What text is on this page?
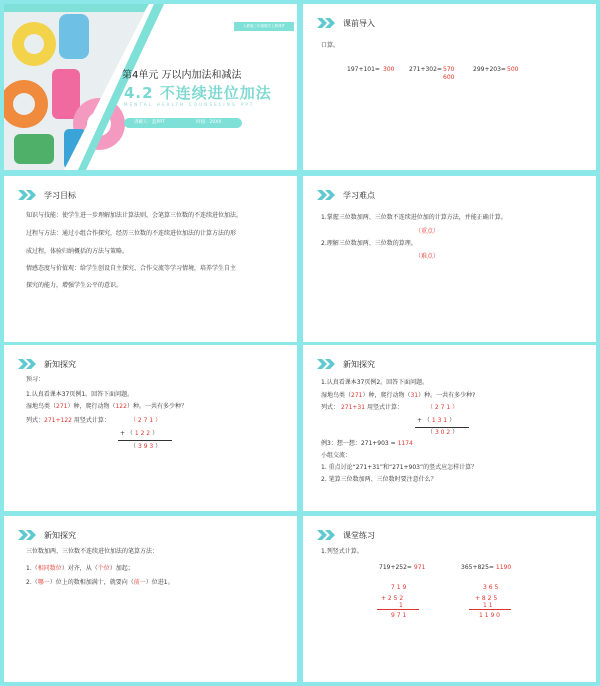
人教版三年级数学上册课件
第4单元 万以内加法和减法
4.2 不连续进位加法
MENTAL HEALTH COUNSELING PPT
讲解人：蓝PPT	时间：20XX
课前导入
口算。
197+101= 300 271+302= 570
600
299+203= 500
学习目标
知识与技能：使学生进一步理解加法计算法则，会笔算三位数的不连续进位加法。
过程与方法：通过小组合作探究，经历三位数的不连续进位加法的计算方法的形
成过程，体验归纳概括的方法与策略。
情感态度与价值观：给学生创设自主探究、合作交流等学习情境，培养学生自主
探究的能力，增强学生公平的意识。
学习难点
1.掌握三位数加两、三位数不连续进位加的计算方法，并能正确计算。
（重点）
2.理解三位数加两、三位数的算理。
（难点）
新知探究
预习：
1.认真看课本37页例1。回答下面问题。
湿地鸟类（271）种，爬行动物（122）种。一共有多少种？
列式：271+122 用竖式计算：	（ 2 7 1 ）
+ （ 1 2 2 ）
（ 3 9 3 ）
新知探究
1.认真看课本37页例2。回答下面问题。
湿地鸟类（271）种，爬行动物（31）种。一共有多少种?
列式： 271+31 用竖式计算：	（ 2 7 1 ）
+ （ 1 3 1 ）
（ 3 0 2 ）
例3：想一想：271+903 = 1174
小组交流：
1. 重点讨论“271+31”和“271+903”的竖式应怎样计算？
2. 笔算三位数加两、三位数时要注意什么？
新知探究
三位数加两、三位数不连续进位加法的笔算方法：
1.（相同数位）对齐，从（个位）加起；
2.（哪一）位上的数相加满十，就要向（前一）位进1。
课堂练习
1.列竖式计算。
719+252= 971	365+825= 1190
7 1 9
+ 2 5 2
1
9 7 1
3 6 5
+ 8 2 5
1 1
1 1 9 0
